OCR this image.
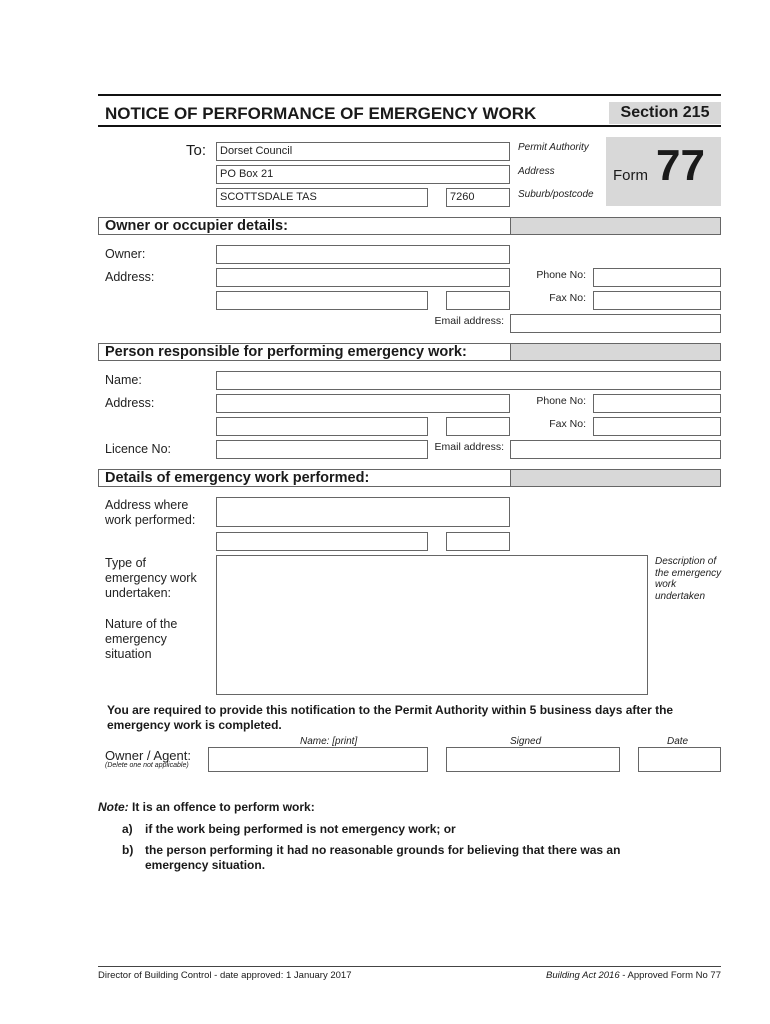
NOTICE OF PERFORMANCE OF EMERGENCY WORK	Section 215
To:	Dorset Council
PO Box 21
SCOTTSDALE TAS	7260
Permit Authority
Address
Suburb/postcode
Form 77
Owner or occupier details:
Owner:
Address:	Phone No:
Fax No:
Email address:
Person responsible for performing emergency work:
Name:
Address:	Phone No:
Fax No:
Licence No:	Email address:
Details of emergency work performed:
Address where
work performed:
Type of
emergency work
undertaken:
Nature of the
emergency
situation
Description of
the emergency
work
undertaken
You are required to provide this notification to the Permit Authority within 5 business days after the
emergency work is completed.
Name: [print]	Signed	Date
Owner / Agent:
(Delete one not applicable)
Note: It is an offence to perform work:
a) if the work being performed is not emergency work; or
b) the person performing it had no reasonable grounds for believing that there was an
emergency situation.
Director of Building Control - date approved: 1 January 2017	Building Act 2016 - Approved Form No 77
